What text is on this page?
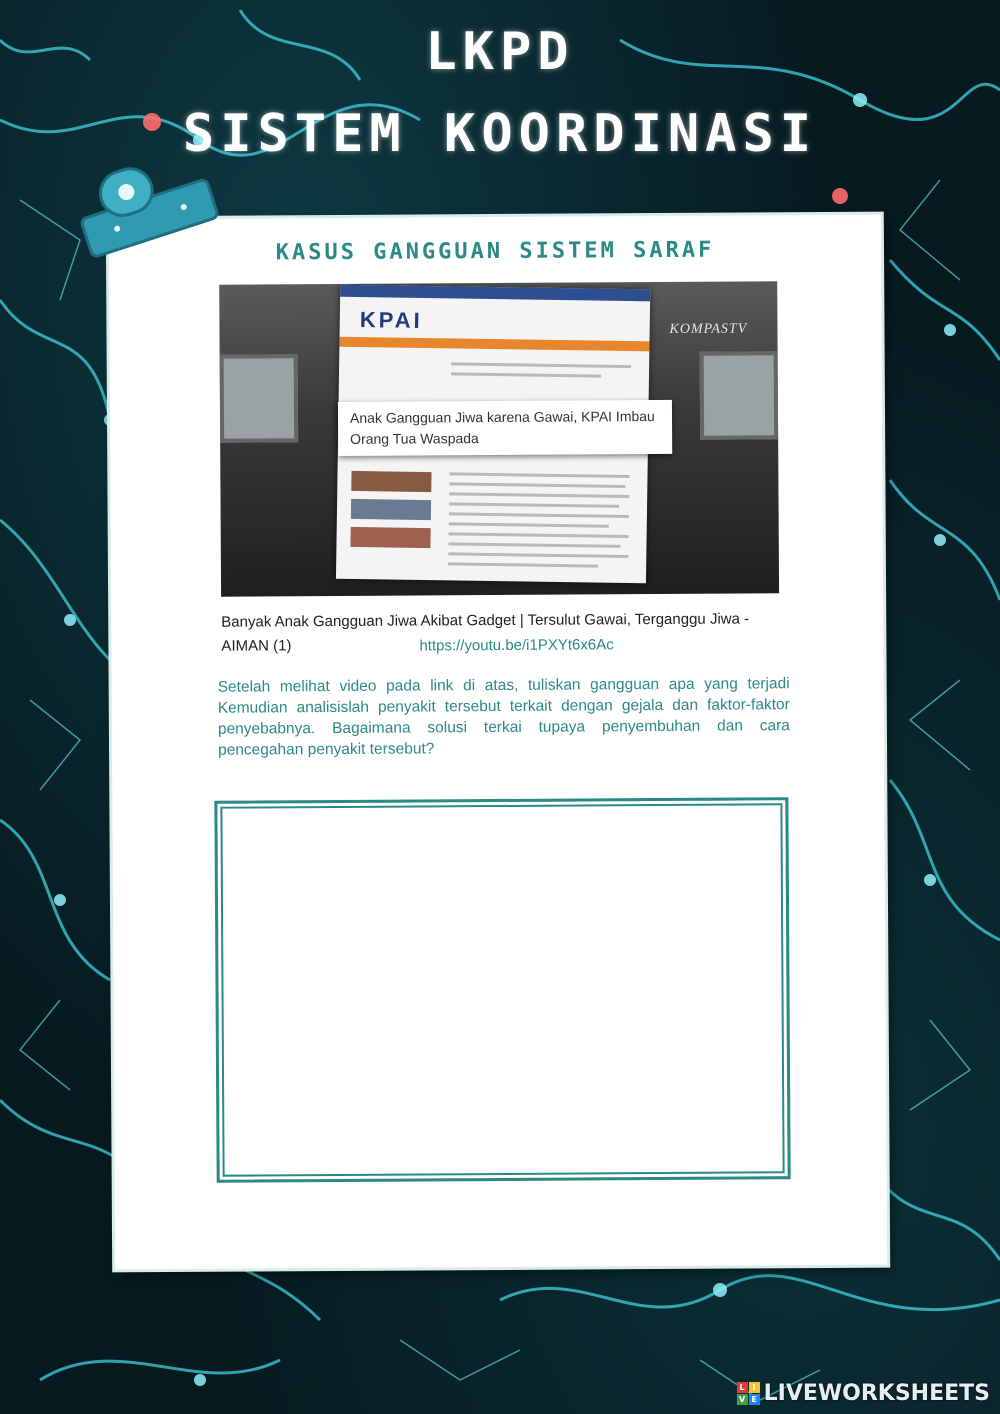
LKPD
SISTEM KOORDINASI
KASUS GANGGUAN SISTEM SARAF
KOMPASTV
KPAI
Anak Gangguan Jiwa karena Gawai, KPAI Imbau
Orang Tua Waspada
Banyak Anak Gangguan Jiwa Akibat Gadget | Tersulut Gawai, Terganggu Jiwa - AIMAN (1)	https://youtu.be/i1PXYt6x6Ac
Setelah melihat video pada link di atas, tuliskan gangguan apa yang terjadi Kemudian analisislah penyakit tersebut terkait dengan gejala dan faktor-faktor penyebabnya. Bagaimana solusi terkai tupaya penyembuhan dan cara pencegahan penyakit tersebut?
L I
V E LIVEWORKSHEETS
